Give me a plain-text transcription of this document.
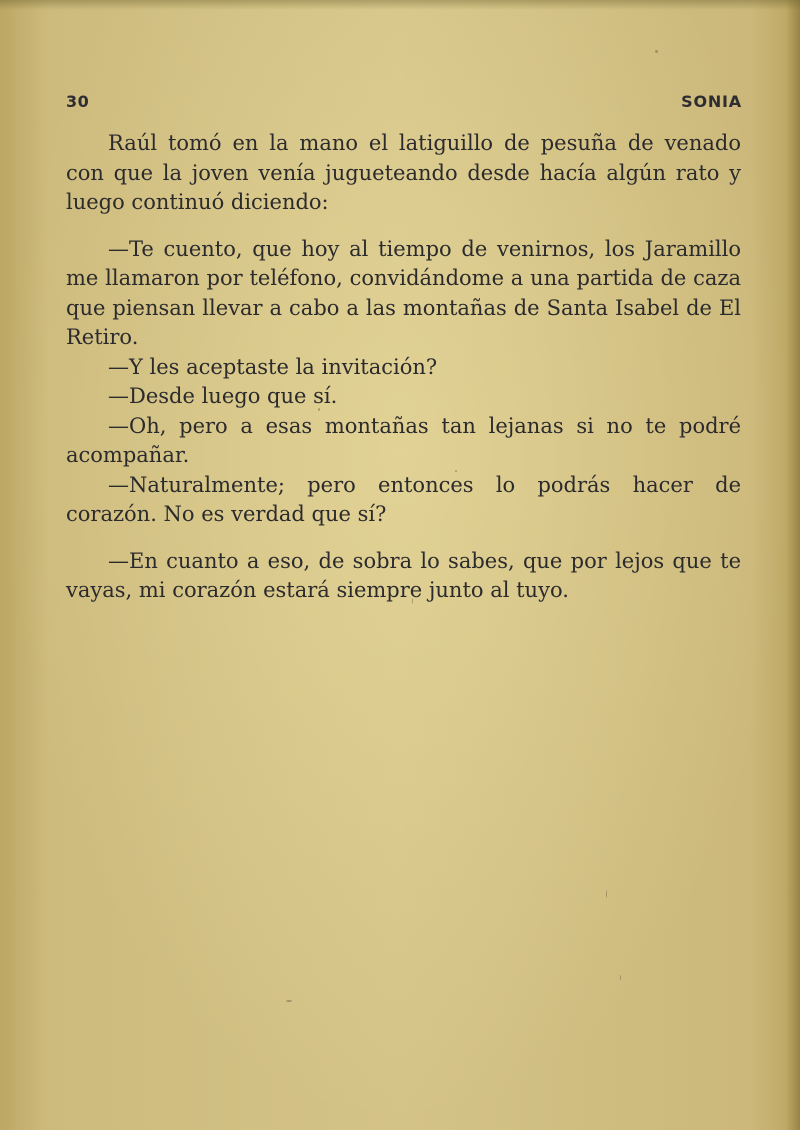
30	SONIA

Raúl tomó en la mano el latiguillo de pesuña de venado con que la joven venía jugueteando desde hacía algún rato y luego continuó diciendo:

—Te cuento, que hoy al tiempo de venirnos, los Jaramillo me llamaron por teléfono, convidándome a una partida de caza que piensan llevar a cabo a las montañas de Santa Isabel de El Retiro.

—Y les aceptaste la invitación?

—Desde luego que sí.

—Oh, pero a esas montañas tan lejanas si no te podré acompañar.

—Naturalmente; pero entonces lo podrás hacer de corazón. No es verdad que sí?

—En cuanto a eso, de sobra lo sabes, que por lejos que te vayas, mi corazón estará siempre junto al tuyo.
